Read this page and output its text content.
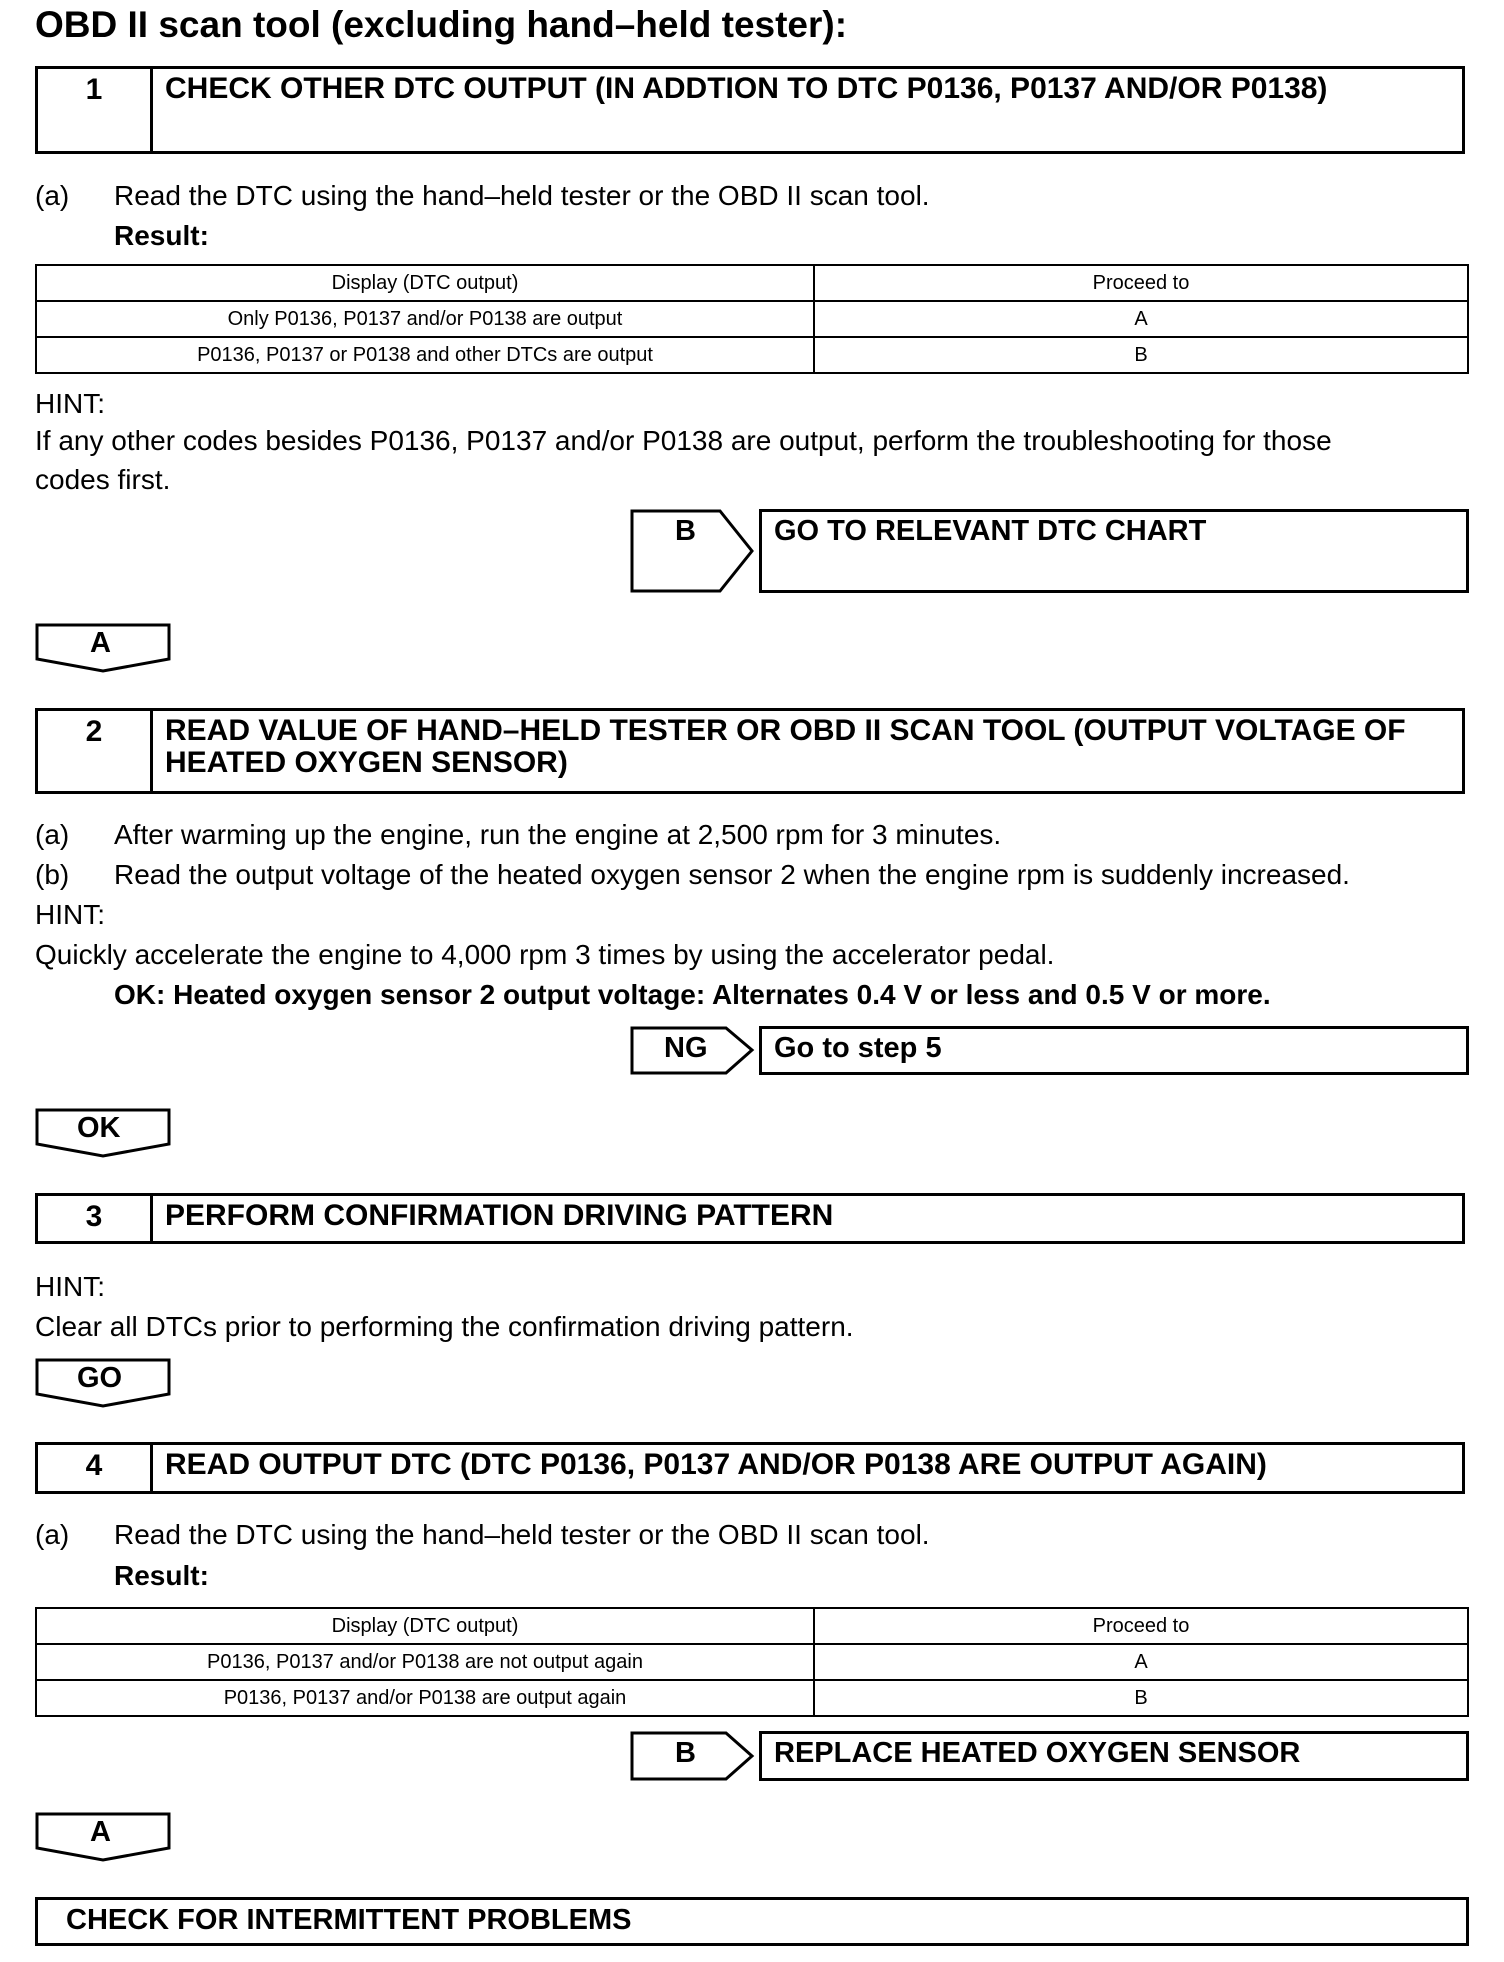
OBD II scan tool (excluding hand–held tester):
1	CHECK OTHER DTC OUTPUT (IN ADDTION TO DTC P0136, P0137 AND/OR P0138)
(a) Read the DTC using the hand–held tester or the OBD II scan tool.
Result:
Display (DTC output)	Proceed to
Only P0136, P0137 and/or P0138 are output	A
P0136, P0137 or P0138 and other DTCs are output	B
HINT:
If any other codes besides P0136, P0137 and/or P0138 are output, perform the troubleshooting for those
codes first.
B	GO TO RELEVANT DTC CHART
A
2	READ VALUE OF HAND–HELD TESTER OR OBD II SCAN TOOL (OUTPUT VOLTAGE OF HEATED OXYGEN SENSOR)
(a) After warming up the engine, run the engine at 2,500 rpm for 3 minutes.
(b) Read the output voltage of the heated oxygen sensor 2 when the engine rpm is suddenly increased.
HINT:
Quickly accelerate the engine to 4,000 rpm 3 times by using the accelerator pedal.
OK: Heated oxygen sensor 2 output voltage: Alternates 0.4 V or less and 0.5 V or more.
NG	Go to step 5
OK
3	PERFORM CONFIRMATION DRIVING PATTERN
HINT:
Clear all DTCs prior to performing the confirmation driving pattern.
GO
4	READ OUTPUT DTC (DTC P0136, P0137 AND/OR P0138 ARE OUTPUT AGAIN)
(a) Read the DTC using the hand–held tester or the OBD II scan tool.
Result:
Display (DTC output)	Proceed to
P0136, P0137 and/or P0138 are not output again	A
P0136, P0137 and/or P0138 are output again	B
B	REPLACE HEATED OXYGEN SENSOR
A
CHECK FOR INTERMITTENT PROBLEMS
